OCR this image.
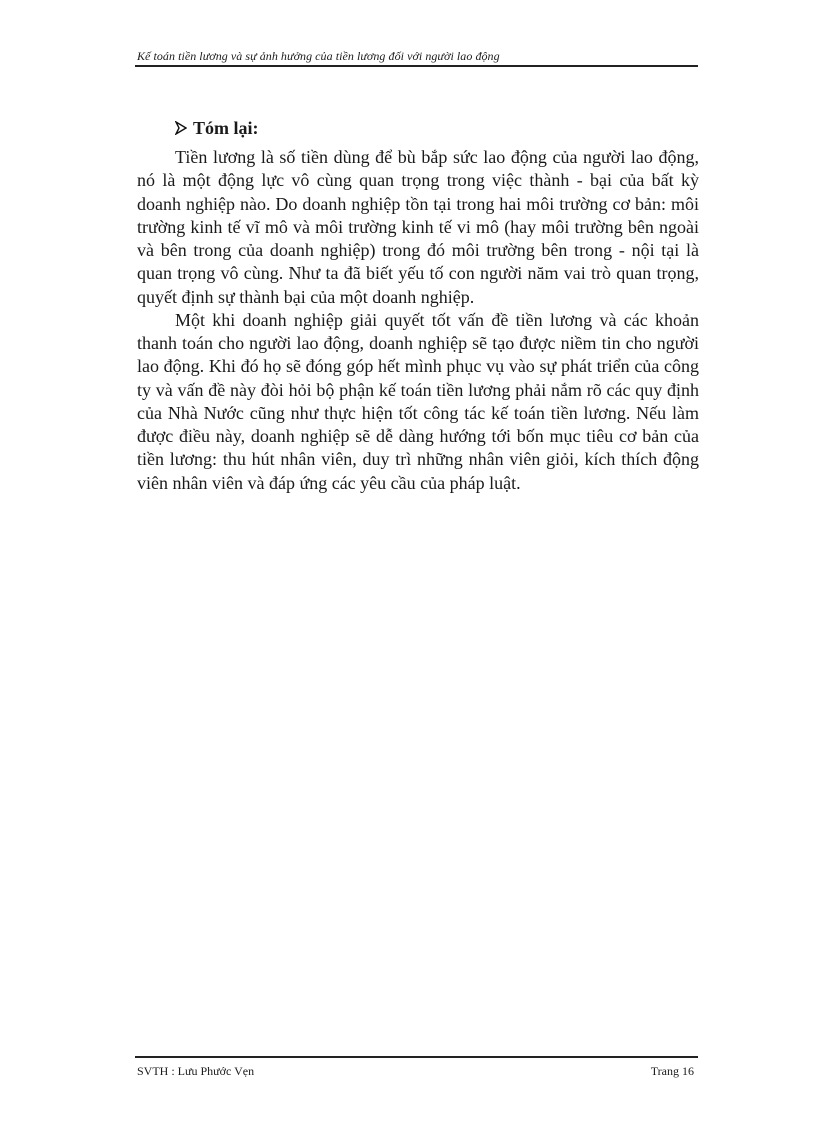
Kế toán tiền lương và sự ảnh hưởng của tiền lương đối với người lao động
Tóm lại:

Tiền lương là số tiền dùng để bù bắp sức lao động của người lao động, nó là một động lực vô cùng quan trọng trong việc thành - bại của bất kỳ doanh nghiệp nào. Do doanh nghiệp tồn tại trong hai môi trường cơ bản: môi trường kinh tế vĩ mô và môi trường kinh tế vi mô (hay môi trường bên ngoài và bên trong của doanh nghiệp) trong đó môi trường bên trong - nội tại là quan trọng vô cùng. Như ta đã biết yếu tố con người năm vai trò quan trọng, quyết định sự thành bại của một doanh nghiệp.

Một khi doanh nghiệp giải quyết tốt vấn đề tiền lương và các khoản thanh toán cho người lao động, doanh nghiệp sẽ tạo được niềm tin cho người lao động. Khi đó họ sẽ đóng góp hết mình phục vụ vào sự phát triển của công ty và vấn đề này đòi hỏi bộ phận kế toán tiền lương phải nắm rõ các quy định của Nhà Nước cũng như thực hiện tốt công tác kế toán tiền lương. Nếu làm được điều này, doanh nghiệp sẽ dễ dàng hướng tới bốn mục tiêu cơ bản của tiền lương: thu hút nhân viên, duy trì những nhân viên giỏi, kích thích động viên nhân viên và đáp ứng các yêu cầu của pháp luật.

SVTH : Lưu Phước Vẹn	Trang 16
